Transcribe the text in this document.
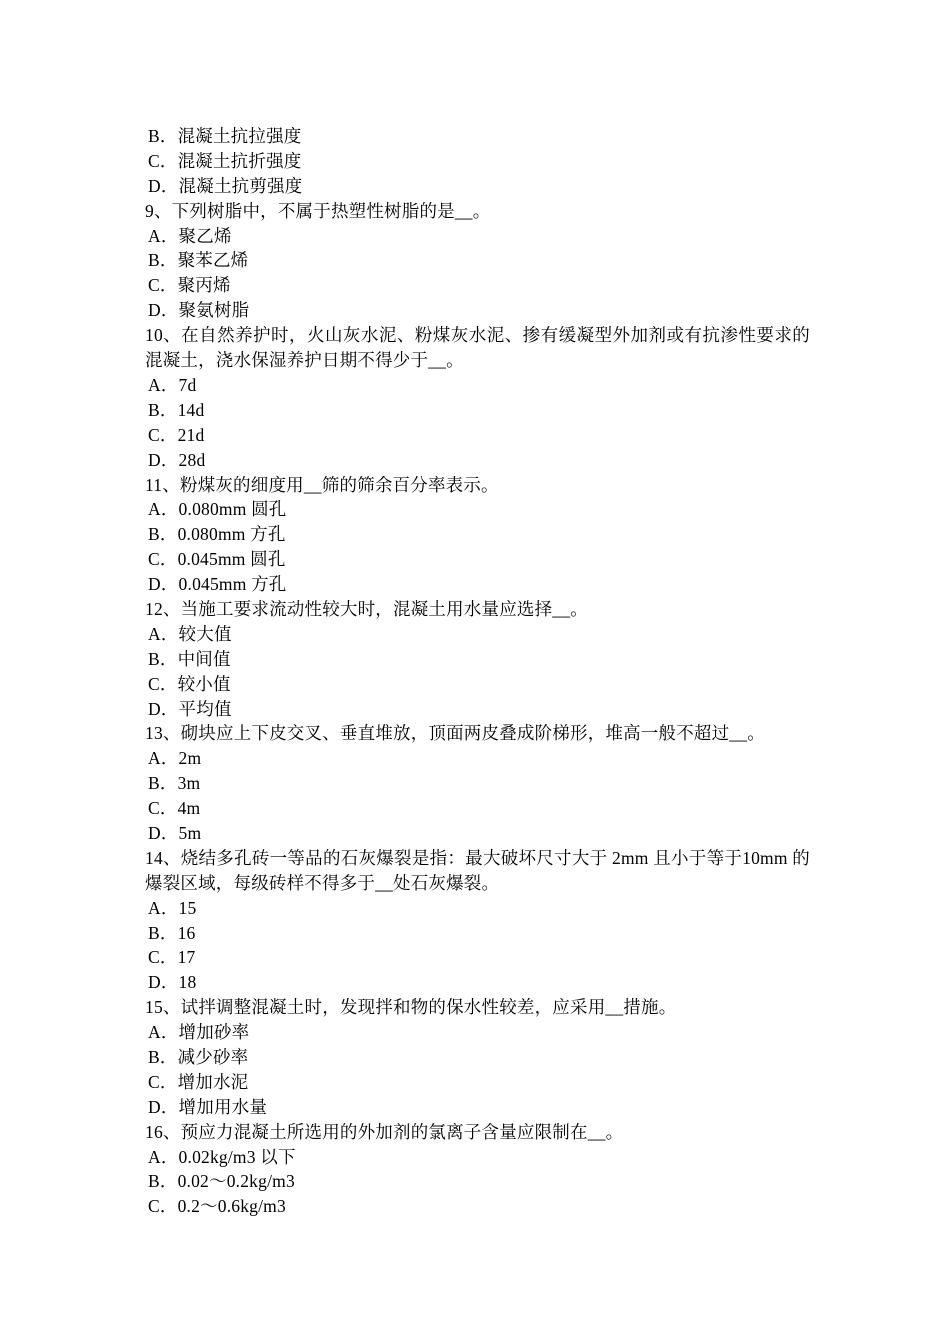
B．混凝土抗拉强度
C．混凝土抗折强度
D．混凝土抗剪强度
9、下列树脂中，不属于热塑性树脂的是__。
A．聚乙烯
B．聚苯乙烯
C．聚丙烯
D．聚氨树脂
10、在自然养护时，火山灰水泥、粉煤灰水泥、掺有缓凝型外加剂或有抗渗性要求的混凝土，浇水保湿养护日期不得少于__。
A．7d
B．14d
C．21d
D．28d
11、粉煤灰的细度用__筛的筛余百分率表示。
A．0.080mm 圆孔
B．0.080mm 方孔
C．0.045mm 圆孔
D．0.045mm 方孔
12、当施工要求流动性较大时，混凝土用水量应选择__。
A．较大值
B．中间值
C．较小值
D．平均值
13、砌块应上下皮交叉、垂直堆放，顶面两皮叠成阶梯形，堆高一般不超过__。
A．2m
B．3m
C．4m
D．5m
14、烧结多孔砖一等品的石灰爆裂是指：最大破坏尺寸大于 2mm 且小于等于10mm 的爆裂区域，每级砖样不得多于__处石灰爆裂。
A．15
B．16
C．17
D．18
15、试拌调整混凝土时，发现拌和物的保水性较差，应采用__措施。
A．增加砂率
B．减少砂率
C．增加水泥
D．增加用水量
16、预应力混凝土所选用的外加剂的氯离子含量应限制在__。
A．0.02kg/m3 以下
B．0.02～0.2kg/m3
C．0.2～0.6kg/m3
